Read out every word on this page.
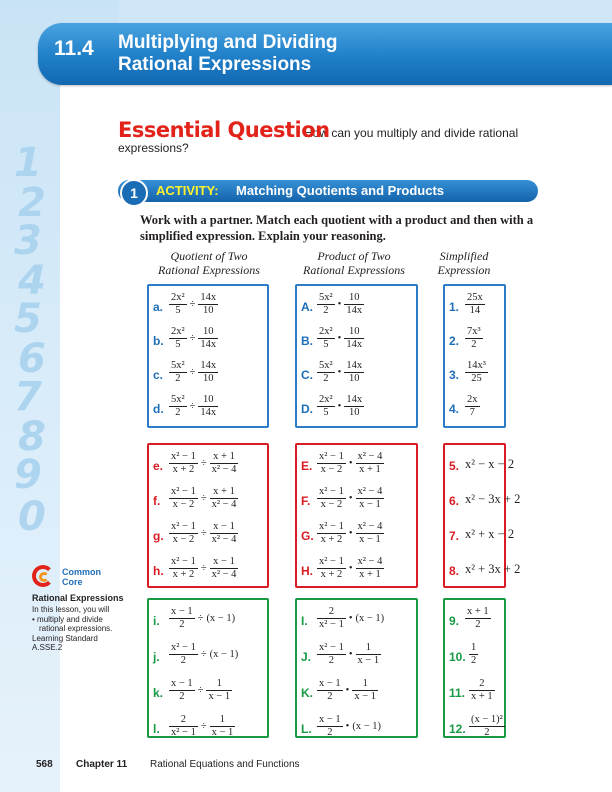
1
2
3
4
5
6
7
8
9
0
11.4 Multiplying and Dividing
Rational Expressions
How can you multiply and divide rational expressions?
Essential Question
1	ACTIVITY: Matching Quotients and Products
Work with a partner. Match each quotient with a product and then with a simplified expression. Explain your reasoning.
Quotient of Two
Rational Expressions
Product of Two
Rational Expressions
Simplified
Expression
a. $\frac{\text{2x²}}{5} \div \frac{14x}{10}$
b. $\frac{\text{2x²}}{5} \div \frac{10}{14x}$
c. $\frac{\text{5x²}}{2} \div \frac{14x}{10}$
d. $\frac{\text{5x²}}{2} \div \frac{10}{14x}$
A. $\frac{\text{5x²}}{2}$ • $\frac{10}{14x}$
B. $\frac{\text{2x²}}{5}$ • $\frac{10}{14x}$
C. $\frac{\text{5x²}}{2}$ • $\frac{14x}{10}$
D. $\frac{\text{2x²}}{5}$ • $\frac{14x}{10}$
1. $\frac{25x}{14}$
2. $\frac{\text{7x³}}{2}$
3. $\frac{\text{14x³}}{25}$
4. $\frac{2x}{7}$
e. $\frac{\text{x² − 1}}{x + 2} \div \frac{x + 1}{\text{x² − 4}}$
f. $\frac{\text{x² − 1}}{x - 2} \div \frac{x + 1}{\text{x² − 4}}$
g. $\frac{\text{x² − 1}}{x - 2} \div \frac{x - 1}{\text{x² − 4}}$
h. $\frac{\text{x² − 1}}{x + 2} \div \frac{x - 1}{\text{x² − 4}}$
E. $\frac{\text{x² − 1}}{x - 2}$ • $\frac{\text{x² − 4}}{x + 1}$
F. $\frac{\text{x² − 1}}{x - 2}$ • $\frac{\text{x² − 4}}{x - 1}$
G. $\frac{\text{x² − 1}}{x + 2}$ • $\frac{\text{x² − 4}}{x - 1}$
H. $\frac{\text{x² − 1}}{x + 2}$ • $\frac{\text{x² − 4}}{x + 1}$
5. x² − x − 2
6. x² − 3x + 2
7. x² + x − 2
8. x² + 3x + 2
i. $\frac{x - 1}{2} \div (x - 1)$
j. $\frac{\text{x² − 1}}{2} \div (x - 1)$
k. $\frac{x - 1}{2} \div \frac{1}{x - 1}$
l. $\frac{2}{\text{x² − 1}} \div \frac{1}{x - 1}$
I. $\frac{2}{\text{x² − 1}}$ • (x − 1)
J. $\frac{\text{x² − 1}}{2}$ • $\frac{1}{x - 1}$
K. $\frac{x - 1}{2}$ • $\frac{1}{x - 1}$
L. $\frac{x - 1}{2}$ • (x − 1)
9. $\frac{x + 1}{2}$
10. $\frac{1}{2}$
11. $\frac{2}{x + 1}$
12. $\frac{\text{(x − 1)²}}{2}$
Common
Core
Rational Expressions
In this lesson, you will
• multiply and divide
rational expressions.
Learning Standard
A.SSE.2
568 Chapter 11 Rational Equations and Functions
